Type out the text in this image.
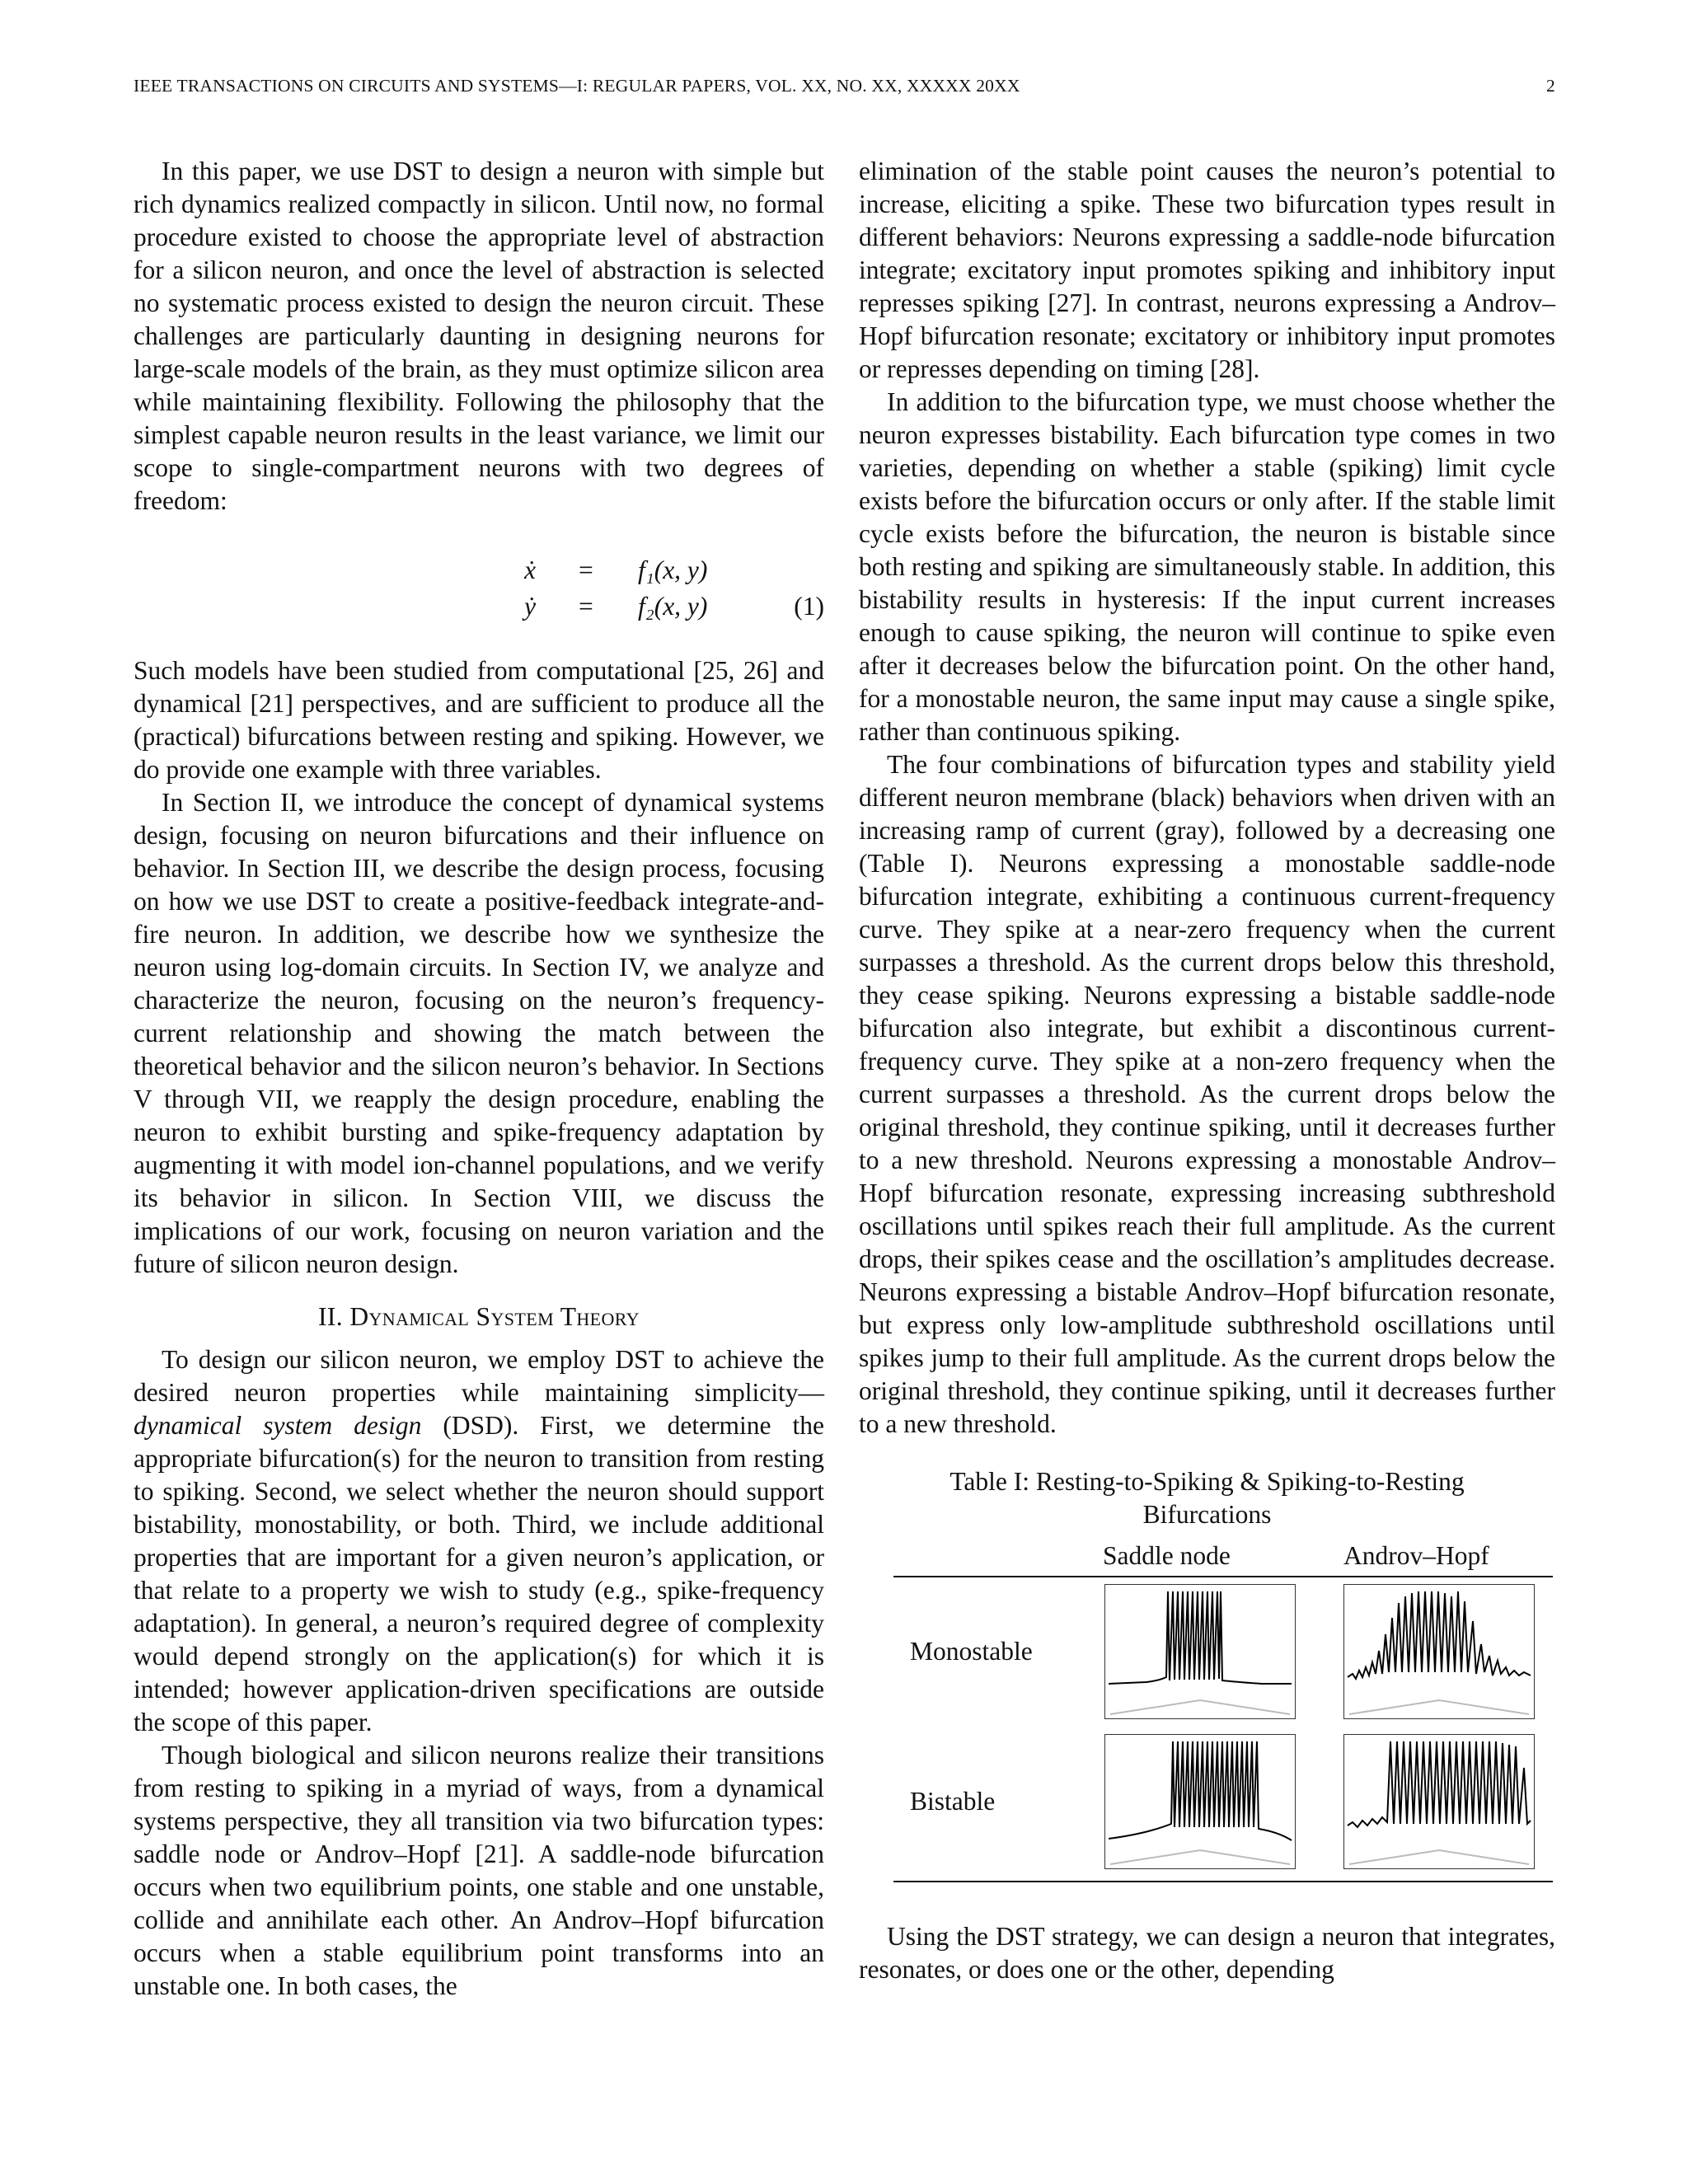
IEEE TRANSACTIONS ON CIRCUITS AND SYSTEMS—I: REGULAR PAPERS, VOL. XX, NO. XX, XXXXX 20XX	2

In this paper, we use DST to design a neuron with simple but rich dynamics realized compactly in silicon. Until now, no formal procedure existed to choose the appropriate level of abstraction for a silicon neuron, and once the level of abstraction is selected no systematic process existed to design the neuron circuit. These challenges are particularly daunting in designing neurons for large-scale models of the brain, as they must optimize silicon area while maintaining flexibility. Following the philosophy that the simplest capable neuron results in the least variance, we limit our scope to single-compartment neurons with two degrees of freedom:

ẋ = f₁(x, y)
ẏ = f₂(x, y)	(1)

Such models have been studied from computational [25, 26] and dynamical [21] perspectives, and are sufficient to produce all the (practical) bifurcations between resting and spiking. However, we do provide one example with three variables.

In Section II, we introduce the concept of dynamical systems design, focusing on neuron bifurcations and their influence on behavior. In Section III, we describe the design process, focusing on how we use DST to create a positive-feedback integrate-and-fire neuron. In addition, we describe how we synthesize the neuron using log-domain circuits. In Section IV, we analyze and characterize the neuron, focusing on the neuron’s frequency-current relationship and showing the match between the theoretical behavior and the silicon neuron’s behavior. In Sections V through VII, we reapply the design procedure, enabling the neuron to exhibit bursting and spike-frequency adaptation by augmenting it with model ion-channel populations, and we verify its behavior in silicon. In Section VIII, we discuss the implications of our work, focusing on neuron variation and the future of silicon neuron design.

II. Dynamical System Theory

To design our silicon neuron, we employ DST to achieve the desired neuron properties while maintaining simplicity—dynamical system design (DSD). First, we determine the appropriate bifurcation(s) for the neuron to transition from resting to spiking. Second, we select whether the neuron should support bistability, monostability, or both. Third, we include additional properties that are important for a given neuron’s application, or that relate to a property we wish to study (e.g., spike-frequency adaptation). In general, a neuron’s required degree of complexity would depend strongly on the application(s) for which it is intended; however application-driven specifications are outside the scope of this paper.

Though biological and silicon neurons realize their transitions from resting to spiking in a myriad of ways, from a dynamical systems perspective, they all transition via two bifurcation types: saddle node or Androv–Hopf [21]. A saddle-node bifurcation occurs when two equilibrium points, one stable and one unstable, collide and annihilate each other. An Androv–Hopf bifurcation occurs when a stable equilibrium point transforms into an unstable one. In both cases, the

elimination of the stable point causes the neuron’s potential to increase, eliciting a spike. These two bifurcation types result in different behaviors: Neurons expressing a saddle-node bifurcation integrate; excitatory input promotes spiking and inhibitory input represses spiking [27]. In contrast, neurons expressing a Androv–Hopf bifurcation resonate; excitatory or inhibitory input promotes or represses depending on timing [28].

In addition to the bifurcation type, we must choose whether the neuron expresses bistability. Each bifurcation type comes in two varieties, depending on whether a stable (spiking) limit cycle exists before the bifurcation occurs or only after. If the stable limit cycle exists before the bifurcation, the neuron is bistable since both resting and spiking are simultaneously stable. In addition, this bistability results in hysteresis: If the input current increases enough to cause spiking, the neuron will continue to spike even after it decreases below the bifurcation point. On the other hand, for a monostable neuron, the same input may cause a single spike, rather than continuous spiking.

The four combinations of bifurcation types and stability yield different neuron membrane (black) behaviors when driven with an increasing ramp of current (gray), followed by a decreasing one (Table I). Neurons expressing a monostable saddle-node bifurcation integrate, exhibiting a continuous current-frequency curve. They spike at a near-zero frequency when the current surpasses a threshold. As the current drops below this threshold, they cease spiking. Neurons expressing a bistable saddle-node bifurcation also integrate, but exhibit a discontinous current-frequency curve. They spike at a non-zero frequency when the current surpasses a threshold. As the current drops below the original threshold, they continue spiking, until it decreases further to a new threshold. Neurons expressing a monostable Androv–Hopf bifurcation resonate, expressing increasing subthreshold oscillations until spikes reach their full amplitude. As the current drops, their spikes cease and the oscillation’s amplitudes decrease. Neurons expressing a bistable Androv–Hopf bifurcation resonate, but express only low-amplitude subthreshold oscillations until spikes jump to their full amplitude. As the current drops below the original threshold, they continue spiking, until it decreases further to a new threshold.

Table I: Resting-to-Spiking & Spiking-to-Resting
Bifurcations
Saddle node	Androv–Hopf
Monostable
Bistable

Using the DST strategy, we can design a neuron that integrates, resonates, or does one or the other, depending
